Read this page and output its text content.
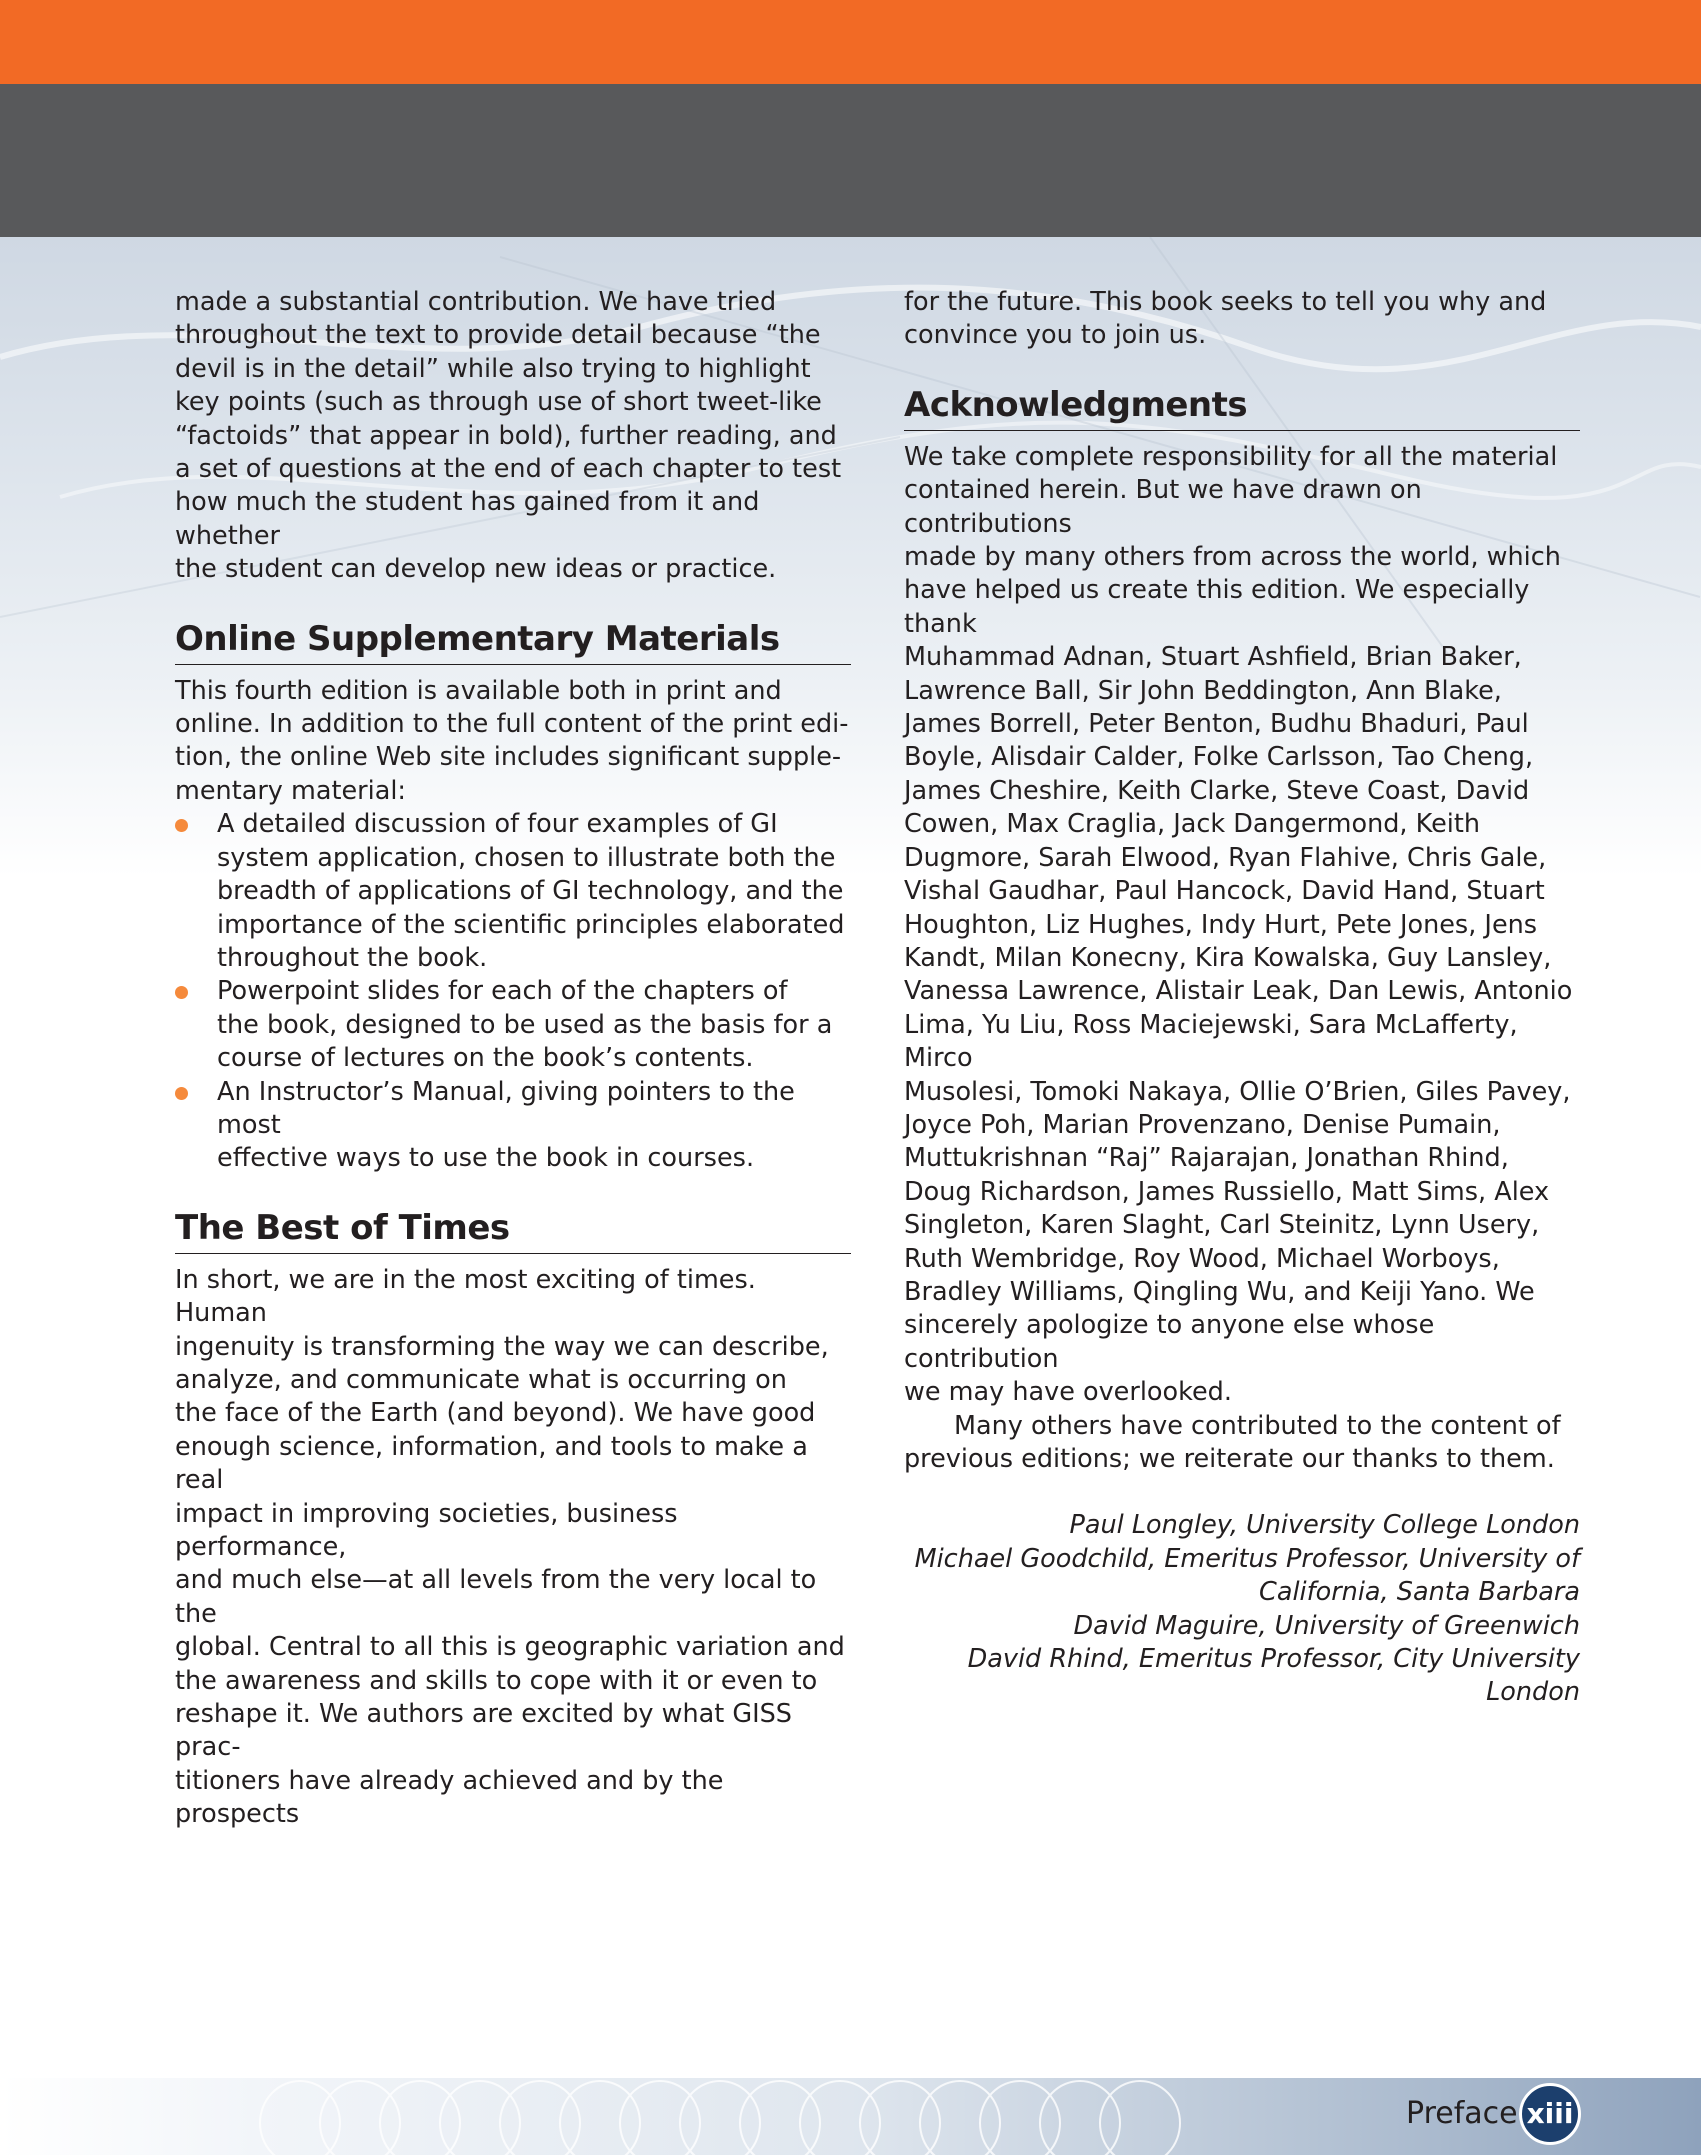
made a substantial contribution. We have tried
throughout the text to provide detail because “the
devil is in the detail” while also trying to highlight
key points (such as through use of short tweet-like
“factoids” that appear in bold), further reading, and
a set of questions at the end of each chapter to test
how much the student has gained from it and whether
the student can develop new ideas or practice.

Online Supplementary Materials

This fourth edition is available both in print and
online. In addition to the full content of the print edi-
tion, the online Web site includes significant supple-
mentary material:

A detailed discussion of four examples of GI
system application, chosen to illustrate both the
breadth of applications of GI technology, and the
importance of the scientific principles elaborated
throughout the book.
Powerpoint slides for each of the chapters of
the book, designed to be used as the basis for a
course of lectures on the book’s contents.
An Instructor’s Manual, giving pointers to the most
effective ways to use the book in courses.
The Best of Times

In short, we are in the most exciting of times. Human
ingenuity is transforming the way we can describe,
analyze, and communicate what is occurring on
the face of the Earth (and beyond). We have good
enough science, information, and tools to make a real
impact in improving societies, business performance,
and much else—at all levels from the very local to the
global. Central to all this is geographic variation and
the awareness and skills to cope with it or even to
reshape it. We authors are excited by what GISS prac-
titioners have already achieved and by the prospects

for the future. This book seeks to tell you why and
convince you to join us.

Acknowledgments

We take complete responsibility for all the material
contained herein. But we have drawn on contributions
made by many others from across the world, which
have helped us create this edition. We especially thank
Muhammad Adnan, Stuart Ashfield, Brian Baker,
Lawrence Ball, Sir John Beddington, Ann Blake,
James Borrell, Peter Benton, Budhu Bhaduri, Paul
Boyle, Alisdair Calder, Folke Carlsson, Tao Cheng,
James Cheshire, Keith Clarke, Steve Coast, David
Cowen, Max Craglia, Jack Dangermond, Keith
Dugmore, Sarah Elwood, Ryan Flahive, Chris Gale,
Vishal Gaudhar, Paul Hancock, David Hand, Stuart
Houghton, Liz Hughes, Indy Hurt, Pete Jones, Jens
Kandt, Milan Konecny, Kira Kowalska, Guy Lansley,
Vanessa Lawrence, Alistair Leak, Dan Lewis, Antonio
Lima, Yu Liu, Ross Maciejewski, Sara McLafferty, Mirco
Musolesi, Tomoki Nakaya, Ollie O’Brien, Giles Pavey,
Joyce Poh, Marian Provenzano, Denise Pumain,
Muttukrishnan “Raj” Rajarajan, Jonathan Rhind,
Doug Richardson, James Russiello, Matt Sims, Alex
Singleton, Karen Slaght, Carl Steinitz, Lynn Usery,
Ruth Wembridge, Roy Wood, Michael Worboys,
Bradley Williams, Qingling Wu, and Keiji Yano. We
sincerely apologize to anyone else whose contribution
we may have overlooked.

Many others have contributed to the content of
previous editions; we reiterate our thanks to them.

Paul Longley, University College London

Michael Goodchild, Emeritus Professor, University of

California, Santa Barbara

David Maguire, University of Greenwich

David Rhind, Emeritus Professor, City University

London

Preface xiii
